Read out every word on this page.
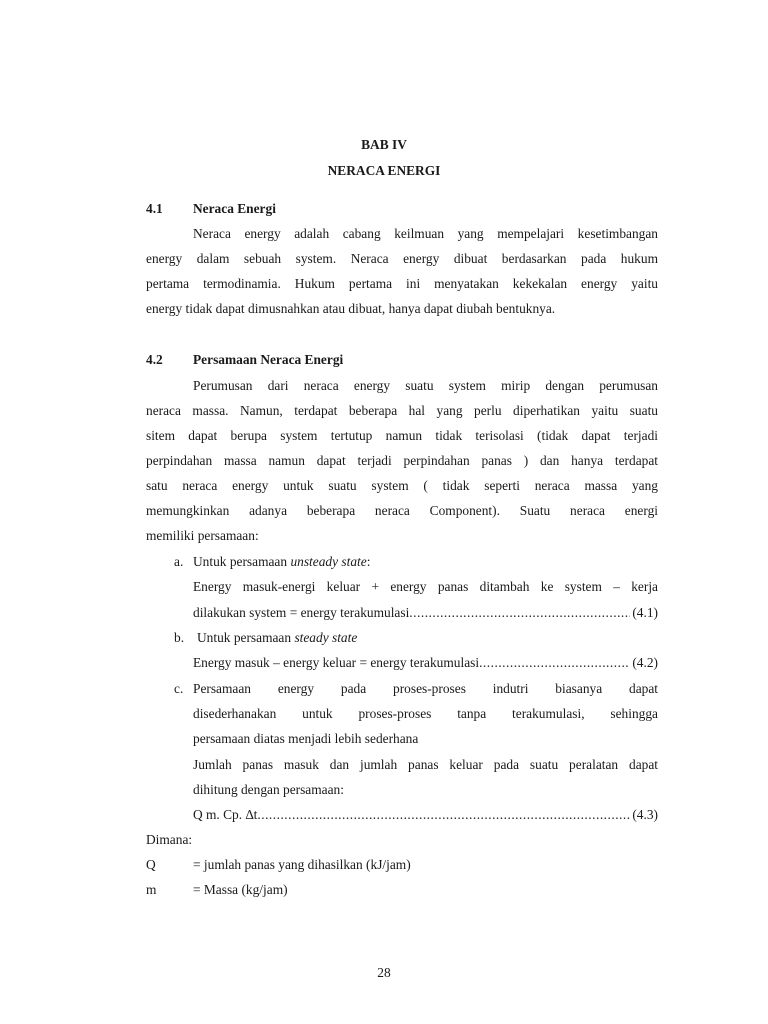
BAB IV
NERACA ENERGI
4.1 Neraca Energi
Neraca energy adalah cabang keilmuan yang mempelajari kesetimbangan
energy dalam sebuah system. Neraca energy dibuat berdasarkan pada hukum
pertama termodinamia. Hukum pertama ini menyatakan kekekalan energy yaitu
energy tidak dapat dimusnahkan atau dibuat, hanya dapat diubah bentuknya.
4.2 Persamaan Neraca Energi
Perumusan dari neraca energy suatu system mirip dengan perumusan
neraca massa. Namun, terdapat beberapa hal yang perlu diperhatikan yaitu suatu
sitem dapat berupa system tertutup namun tidak terisolasi (tidak dapat terjadi
perpindahan massa namun dapat terjadi perpindahan panas ) dan hanya terdapat
satu neraca energy untuk suatu system ( tidak seperti neraca massa yang
memungkinkan adanya beberapa neraca Component). Suatu neraca energi
memiliki persamaan:
a. Untuk persamaan unsteady state:
Energy masuk-energi keluar + energy panas ditambah ke system – kerja
dilakukan system = energy terakumulasi .....	(4.1)
b. Untuk persamaan steady state
Energy masuk – energy keluar = energy terakumulasi .....	(4.2)
c. Persamaan energy pada proses-proses indutri biasanya dapat
disederhanakan untuk proses-proses tanpa terakumulasi, sehingga
persamaan diatas menjadi lebih sederhana
Jumlah panas masuk dan jumlah panas keluar pada suatu peralatan dapat
dihitung dengan persamaan:
Q m. Cp. ∆t .....	(4.3)
Dimana:
Q	= jumlah panas yang dihasilkan (kJ/jam)
m	= Massa (kg/jam)
28
